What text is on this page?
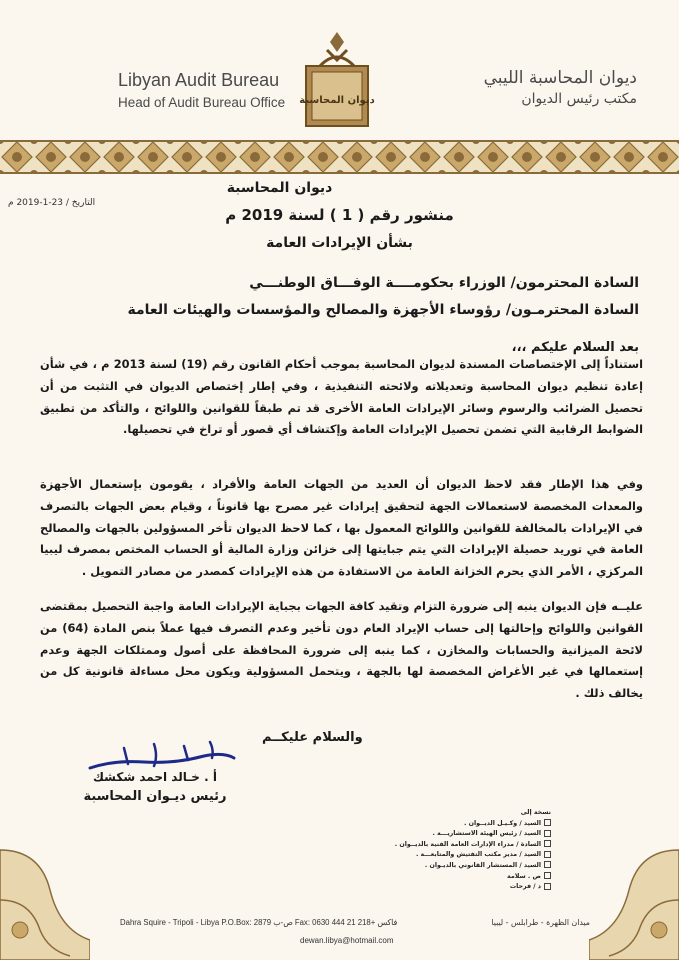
Libyan Audit Bureau
Head of Audit Bureau Office	ديوان المحاسبة
ديوان المحاسبة الليبي
مكتب رئيس الديوان
التاريخ / 23-1-2019 م
ديوان المحاسبة
منشور رقم ( 1 ) لسنة 2019 م
بشأن الإيرادات العامة
السادة المحترمون/ الوزراء بحكومــــة الوفـــاق الوطنـــي
السادة المحترمـون/ رؤوساء الأجهزة والمصالح والمؤسسات والهيئات العامة
بعد السلام عليكم ،،،
استناداً إلى الإختصاصات المسندة لديوان المحاسبة بموجب أحكام القانون رقم (19) لسنة 2013 م ، في شأن إعادة تنظيم ديوان المحاسبة وتعديلاته ولائحته التنفيذية ، وفي إطار إختصاص الديوان في التثبت من أن تحصيل الضرائب والرسوم وسائر الإيرادات العامة الأخرى قد تم طبقاً للقوانين واللوائح ، والتأكد من تطبيق الضوابط الرقابية التي تضمن تحصيل الإيرادات العامة وإكتشاف أي قصور أو تراخ في تحصيلها.
وفي هذا الإطار فقد لاحظ الديوان أن العديد من الجهات العامة والأفراد ، يقومون بإستعمال الأجهزة والمعدات المخصصة لاستعمالات الجهة لتحقيق إيرادات غير مصرح بها قانوناً ، وقيام بعض الجهات بالتصرف في الإيرادات بالمخالفة للقوانين واللوائح المعمول بها ، كما لاحظ الديوان تأخر المسؤولين بالجهات والمصالح العامة في توريد حصيلة الإيرادات التي يتم جبايتها إلى خزائن وزارة المالية أو الحساب المختص بمصرف ليبيا المركزي ، الأمر الذي يحرم الخزانة العامة من الاستفادة من هذه الإيرادات كمصدر من مصادر التمويل .
عليــه فإن الديوان ينبه إلى ضرورة التزام وتقيد كافة الجهات بجباية الإيرادات العامة واجبة التحصيل بمقتضى القوانين واللوائح وإحالتها إلى حساب الإيراد العام دون تأخير وعدم التصرف فيها عملاً بنص المادة (64) من لائحة الميزانية والحسابات والمخازن ، كما ينبه إلى ضرورة المحافظة على أصول وممتلكات الجهة وعدم إستعمالها في غير الأغراض المخصصة لها بالجهة ، ويتحمل المسؤولية ويكون محل مساءلة قانونية كل من يخالف ذلك .
والسلام عليكــم
أ . خـالد احمد شكشك
رئيس ديـوان المحاسبة
نسخة إلى
السيد / وكـيـل الديــوان .
السيد / رئيس الهيئة الاستشاريـــة .
السادة / مدراء الإدارات العامة الفنية بالديــوان .
السيد / مدير مكتب التفتيش والمتابعـــة .
السيد / المستشار القانوني بالديـوان .
ص . سلامة
د / فرحات
Dahra Squire - Tripoli - Libya P.O.Box: 2879 ص-ب Fax: فاكس +218 21 444 0630	ميدان الظهرة - طرابلس - ليبيا
dewan.libya@hotmail.com
